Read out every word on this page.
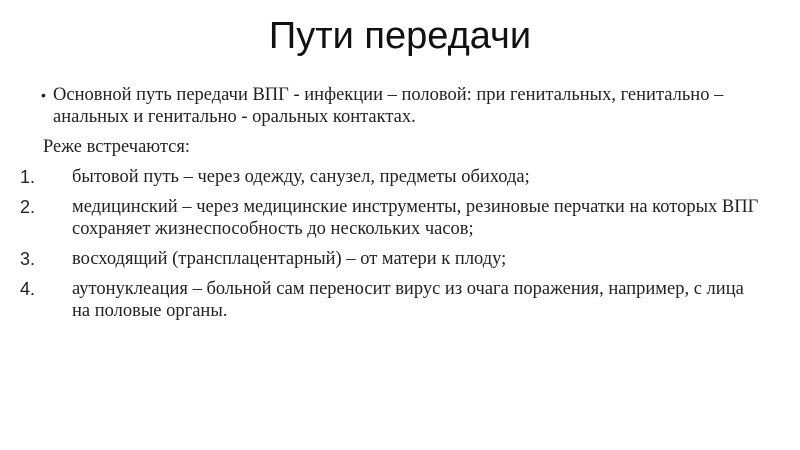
Пути передачи

• Основной путь передачи ВПГ - инфекции – половой: при генитальных, генитально – анальных и генитально - оральных контактах.

Реже встречаются:

1. бытовой путь – через одежду, санузел, предметы обихода;
2. медицинский – через медицинские инструменты, резиновые перчатки на которых ВПГ сохраняет жизнеспособность до нескольких часов;
3. восходящий (трансплацентарный) – от матери к плоду;
4. аутонуклеация – больной сам переносит вирус из очага поражения, например, с лица на половые органы.
